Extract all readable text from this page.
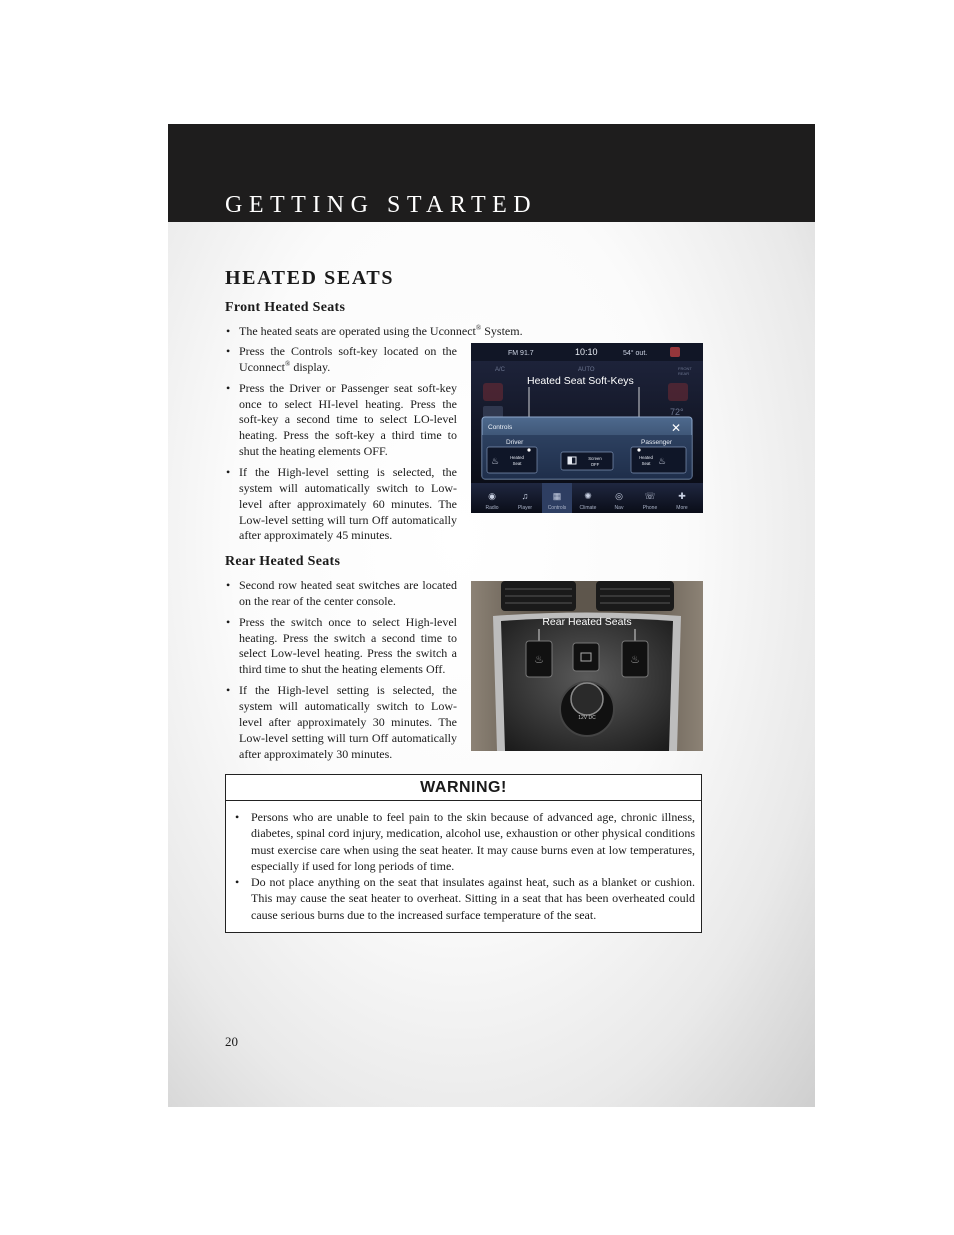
GETTING STARTED
HEATED SEATS
Front Heated Seats
• The heated seats are operated using the Uconnect® System.
• Press the Controls soft-key located on the Uconnect® display.
• Press the Driver or Passenger seat soft-key once to select HI-level heating. Press the soft-key a second time to select LO-level heating. Press the soft-key a third time to shut the heating elements OFF.
• If the High-level setting is selected, the system will automatically switch to Low-level after approximately 60 minutes. The Low-level setting will turn Off automatically after approximately 45 minutes.
FM 91.7	10:10	54° out.
A/C	AUTO	FRONT
REAR
72°
Heated Seat Soft-Keys
Controls	✕
Driver	Passenger
♨	Heated
Seat
Screen
OFF
Heated
Seat ♨
◉	♫	▦	✺	◎ ☏	✚
Radio	Player	Controls	Climate	Nav	Phone	More
Rear Heated Seats
• Second row heated seat switches are located on the rear of the center console.
• Press the switch once to select High-level heating. Press the switch a second time to select Low-level heating. Press the switch a third time to shut the heating elements Off.
• If the High-level setting is selected, the system will automatically switch to Low-level after approximately 30 minutes. The Low-level setting will turn Off automatically after approximately 30 minutes.
Rear Heated Seats
♨	♨
12V DC
WARNING!
• Persons who are unable to feel pain to the skin because of advanced age, chronic illness, diabetes, spinal cord injury, medication, alcohol use, exhaustion or other physical conditions must exercise care when using the seat heater. It may cause burns even at low temperatures, especially if used for long periods of time.
• Do not place anything on the seat that insulates against heat, such as a blanket or cushion. This may cause the seat heater to overheat. Sitting in a seat that has been overheated could cause serious burns due to the increased surface temperature of the seat.
20
